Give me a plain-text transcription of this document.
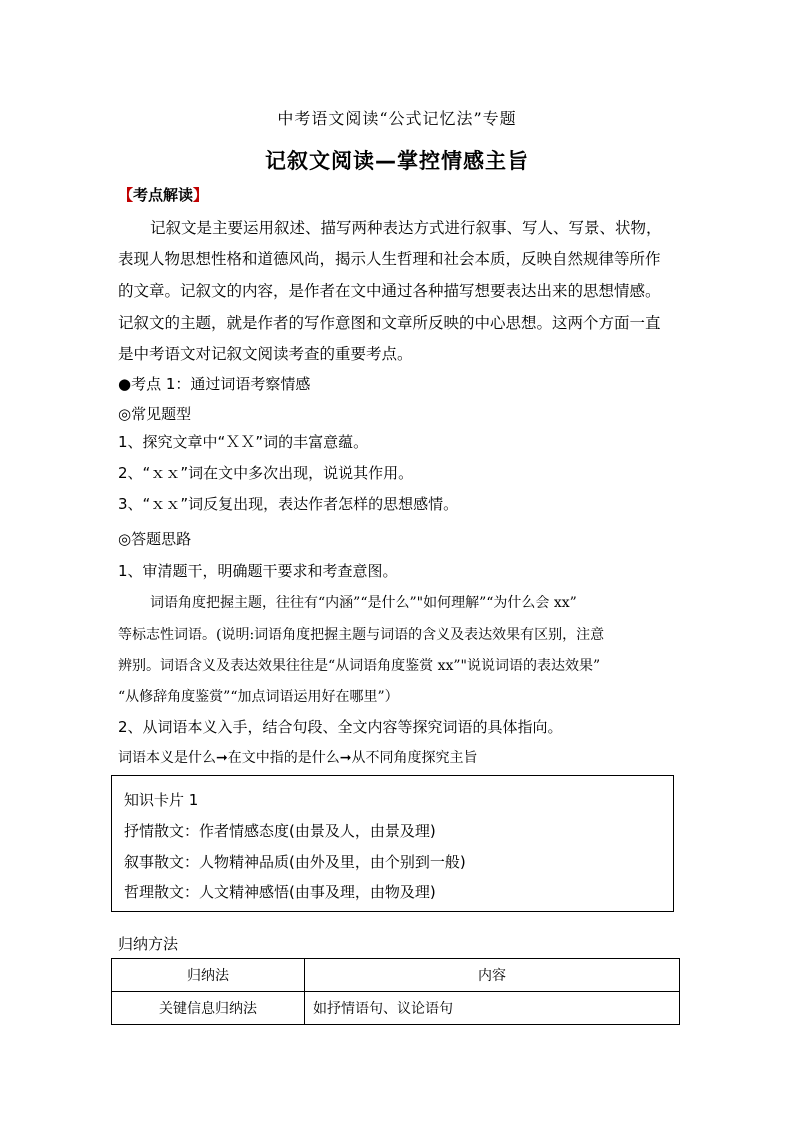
中考语文阅读“公式记忆法”专题
记叙文阅读—掌控情感主旨
【考点解读】
记叙文是主要运用叙述、描写两种表达方式进行叙事、写人、写景、状物，
表现人物思想性格和道德风尚，揭示人生哲理和社会本质，反映自然规律等所作
的文章。记叙文的内容，是作者在文中通过各种描写想要表达出来的思想情感。
记叙文的主题，就是作者的写作意图和文章所反映的中心思想。这两个方面一直
是中考语文对记叙文阅读考查的重要考点。
●考点 1：通过词语考察情感
◎常见题型
1、探究文章中“ＸＸ”词的丰富意蕴。
2、“ｘｘ”词在文中多次出现，说说其作用。
3、“ｘｘ”词反复出现，表达作者怎样的思想感情。
◎答题思路
1、审清题干，明确题干要求和考查意图。
词语角度把握主题，往往有“内涵”“是什么”"如何理解”“为什么会 xx”
等标志性词语。(说明:词语角度把握主题与词语的含义及表达效果有区别，注意
辨别。词语含义及表达效果往往是“从词语角度鉴赏 xx”"说说词语的表达效果”
“从修辞角度鉴赏”“加点词语运用好在哪里”）
2、从词语本义入手，结合句段、全文内容等探究词语的具体指向。
词语本义是什么➞在文中指的是什么➞从不同角度探究主旨
知识卡片 1
抒情散文：作者情感态度(由景及人，由景及理)
叙事散文：人物精神品质(由外及里，由个别到一般)
哲理散文：人文精神感悟(由事及理，由物及理)
归纳方法
归纳法	内容
关键信息归纳法	如抒情语句、议论语句
